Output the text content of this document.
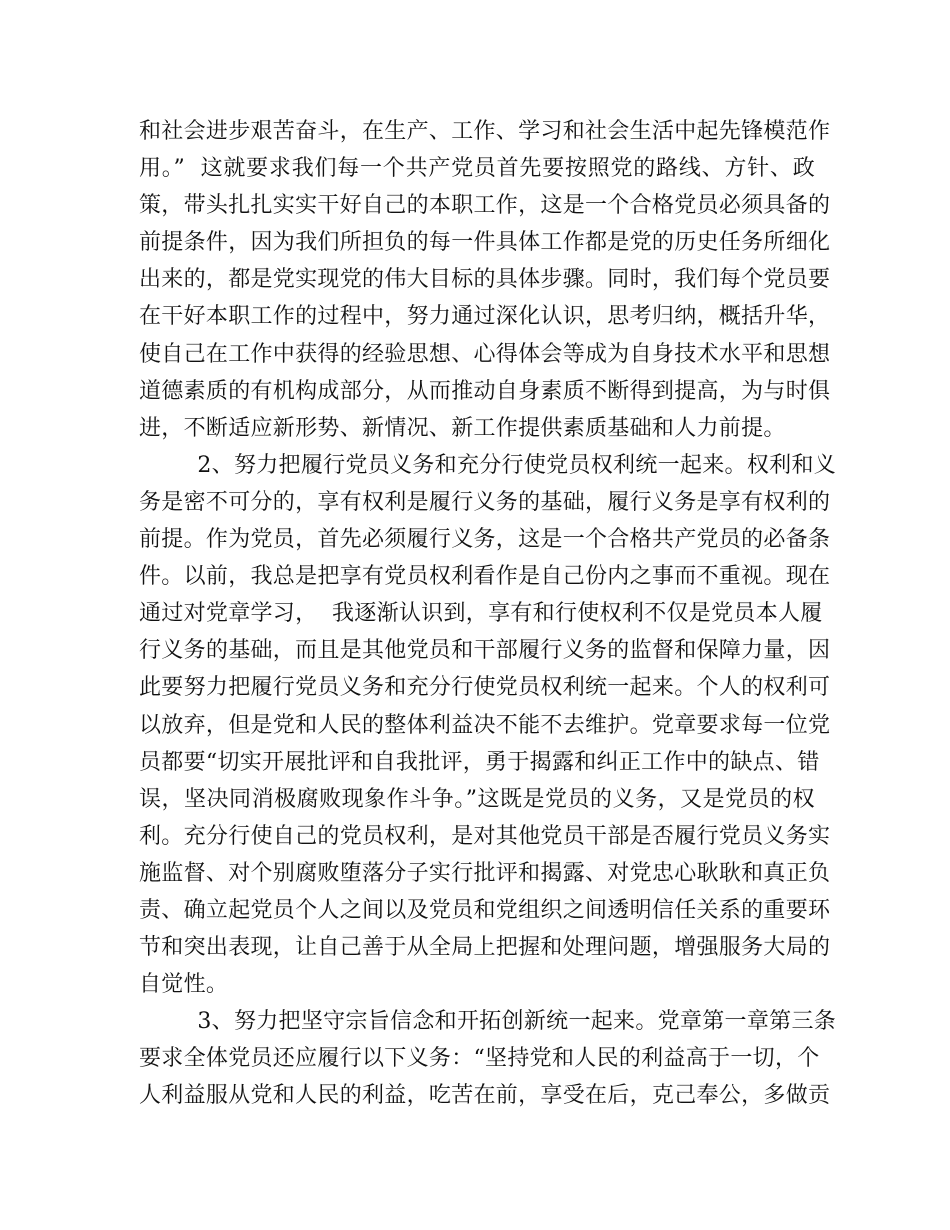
和社会进步艰苦奋斗，在生产、工作、学习和社会生活中起先锋模范作
用。”  这就要求我们每一个共产党员首先要按照党的路线、方针、政
策，带头扎扎实实干好自己的本职工作，这是一个合格党员必须具备的
前提条件，因为我们所担负的每一件具体工作都是党的历史任务所细化
出来的，都是党实现党的伟大目标的具体步骤。同时，我们每个党员要
在干好本职工作的过程中，努力通过深化认识，思考归纳，概括升华，
使自己在工作中获得的经验思想、心得体会等成为自身技术水平和思想
道德素质的有机构成部分，从而推动自身素质不断得到提高，为与时俱
进，不断适应新形势、新情况、新工作提供素质基础和人力前提。
2、努力把履行党员义务和充分行使党员权利统一起来。权利和义
务是密不可分的，享有权利是履行义务的基础，履行义务是享有权利的
前提。作为党员，首先必须履行义务，这是一个合格共产党员的必备条
件。以前，我总是把享有党员权利看作是自己份内之事而不重视。现在
通过对党章学习，  我逐渐认识到，享有和行使权利不仅是党员本人履
行义务的基础，而且是其他党员和干部履行义务的监督和保障力量，因
此要努力把履行党员义务和充分行使党员权利统一起来。个人的权利可
以放弃，但是党和人民的整体利益决不能不去维护。党章要求每一位党
员都要“切实开展批评和自我批评，勇于揭露和纠正工作中的缺点、错
误，坚决同消极腐败现象作斗争。”这既是党员的义务，又是党员的权
利。充分行使自己的党员权利，是对其他党员干部是否履行党员义务实
施监督、对个别腐败堕落分子实行批评和揭露、对党忠心耿耿和真正负
责、确立起党员个人之间以及党员和党组织之间透明信任关系的重要环
节和突出表现，让自己善于从全局上把握和处理问题，增强服务大局的
自觉性。
3、努力把坚守宗旨信念和开拓创新统一起来。党章第一章第三条
要求全体党员还应履行以下义务：“坚持党和人民的利益高于一切，个
人利益服从党和人民的利益，吃苦在前，享受在后，克己奉公，多做贡
